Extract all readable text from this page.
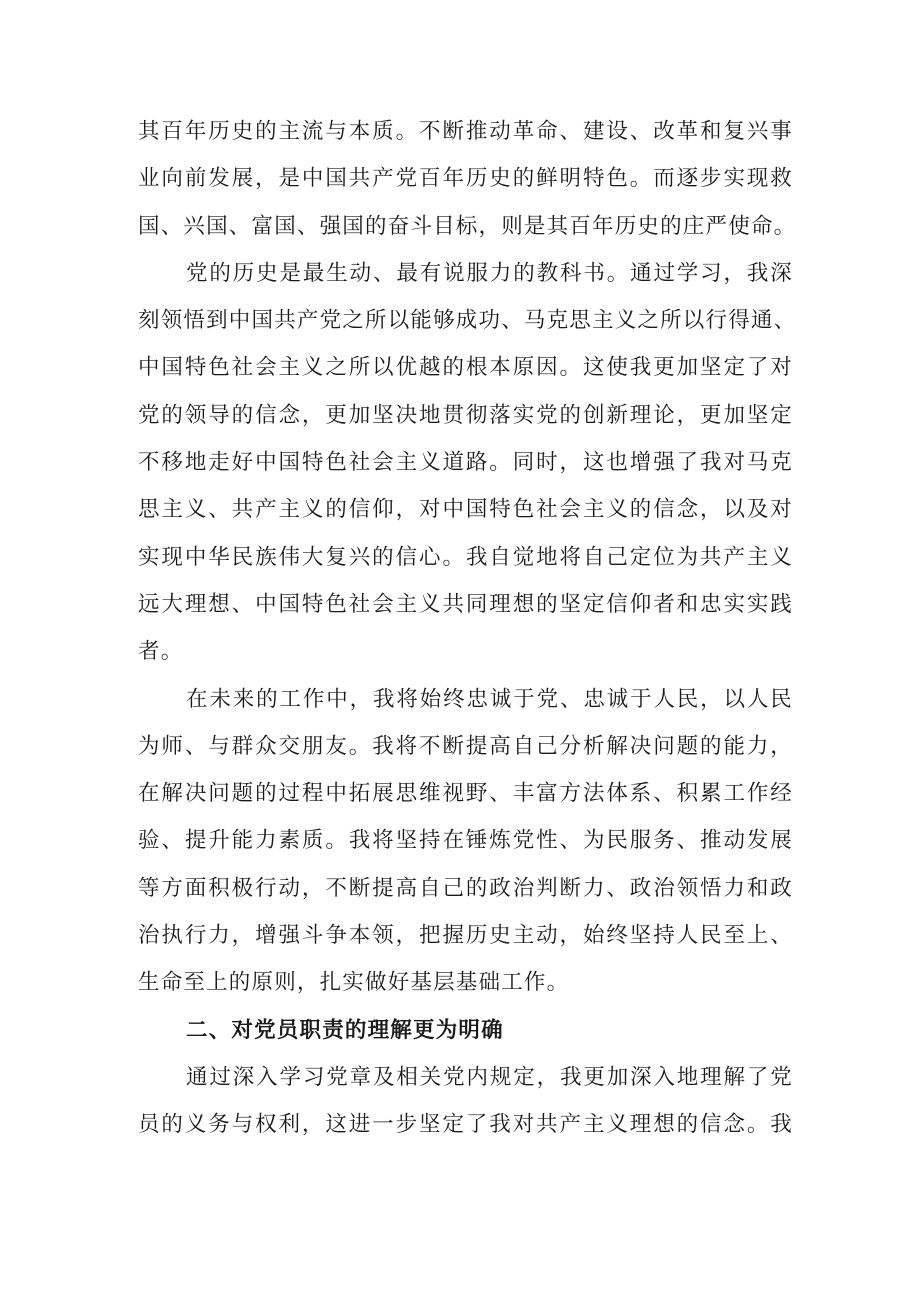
其百年历史的主流与本质。不断推动革命、建设、改革和复兴事
业向前发展，是中国共产党百年历史的鲜明特色。而逐步实现救
国、兴国、富国、强国的奋斗目标，则是其百年历史的庄严使命。
党的历史是最生动、最有说服力的教科书。通过学习，我深
刻领悟到中国共产党之所以能够成功、马克思主义之所以行得通、
中国特色社会主义之所以优越的根本原因。这使我更加坚定了对
党的领导的信念，更加坚决地贯彻落实党的创新理论，更加坚定
不移地走好中国特色社会主义道路。同时，这也增强了我对马克
思主义、共产主义的信仰，对中国特色社会主义的信念，以及对
实现中华民族伟大复兴的信心。我自觉地将自己定位为共产主义
远大理想、中国特色社会主义共同理想的坚定信仰者和忠实实践
者。
在未来的工作中，我将始终忠诚于党、忠诚于人民，以人民
为师、与群众交朋友。我将不断提高自己分析解决问题的能力，
在解决问题的过程中拓展思维视野、丰富方法体系、积累工作经
验、提升能力素质。我将坚持在锤炼党性、为民服务、推动发展
等方面积极行动，不断提高自己的政治判断力、政治领悟力和政
治执行力，增强斗争本领，把握历史主动，始终坚持人民至上、
生命至上的原则，扎实做好基层基础工作。
二、对党员职责的理解更为明确
通过深入学习党章及相关党内规定，我更加深入地理解了党
员的义务与权利，这进一步坚定了我对共产主义理想的信念。我
